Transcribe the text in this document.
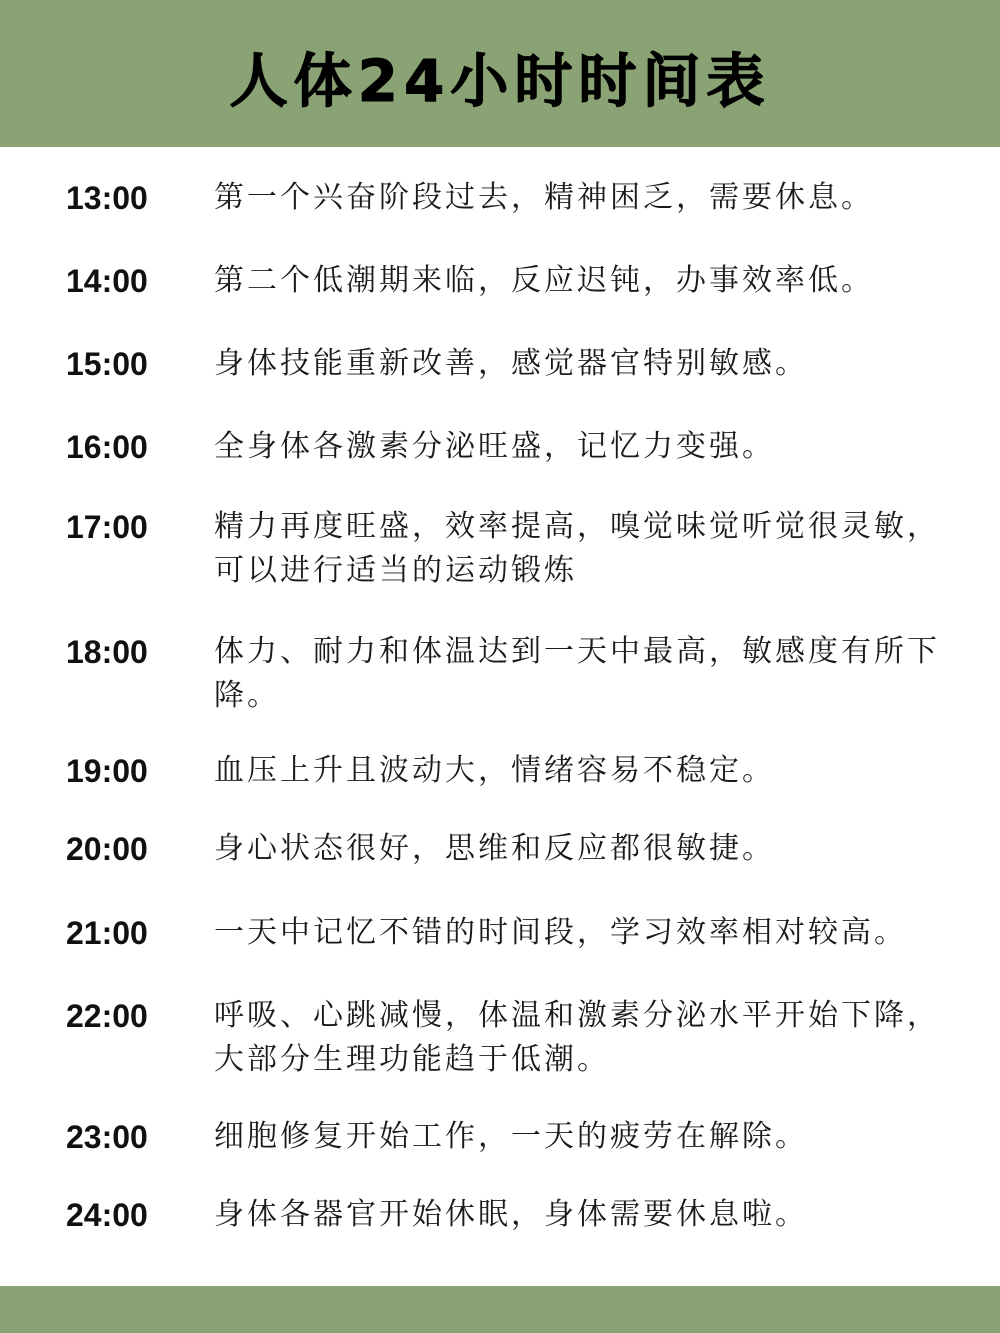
人体24小时时间表
13:00	第一个兴奋阶段过去，精神困乏，需要休息。
14:00	第二个低潮期来临，反应迟钝，办事效率低。
15:00	身体技能重新改善，感觉器官特别敏感。
16:00	全身体各激素分泌旺盛，记忆力变强。
17:00	精力再度旺盛，效率提高，嗅觉味觉听觉很灵敏，可以进行适当的运动锻炼
18:00	体力、耐力和体温达到一天中最高，敏感度有所下降。
19:00	血压上升且波动大，情绪容易不稳定。
20:00	身心状态很好，思维和反应都很敏捷。
21:00	一天中记忆不错的时间段，学习效率相对较高。
22:00	呼吸、心跳减慢，体温和激素分泌水平开始下降，大部分生理功能趋于低潮。
23:00	细胞修复开始工作，一天的疲劳在解除。
24:00	身体各器官开始休眠，身体需要休息啦。
